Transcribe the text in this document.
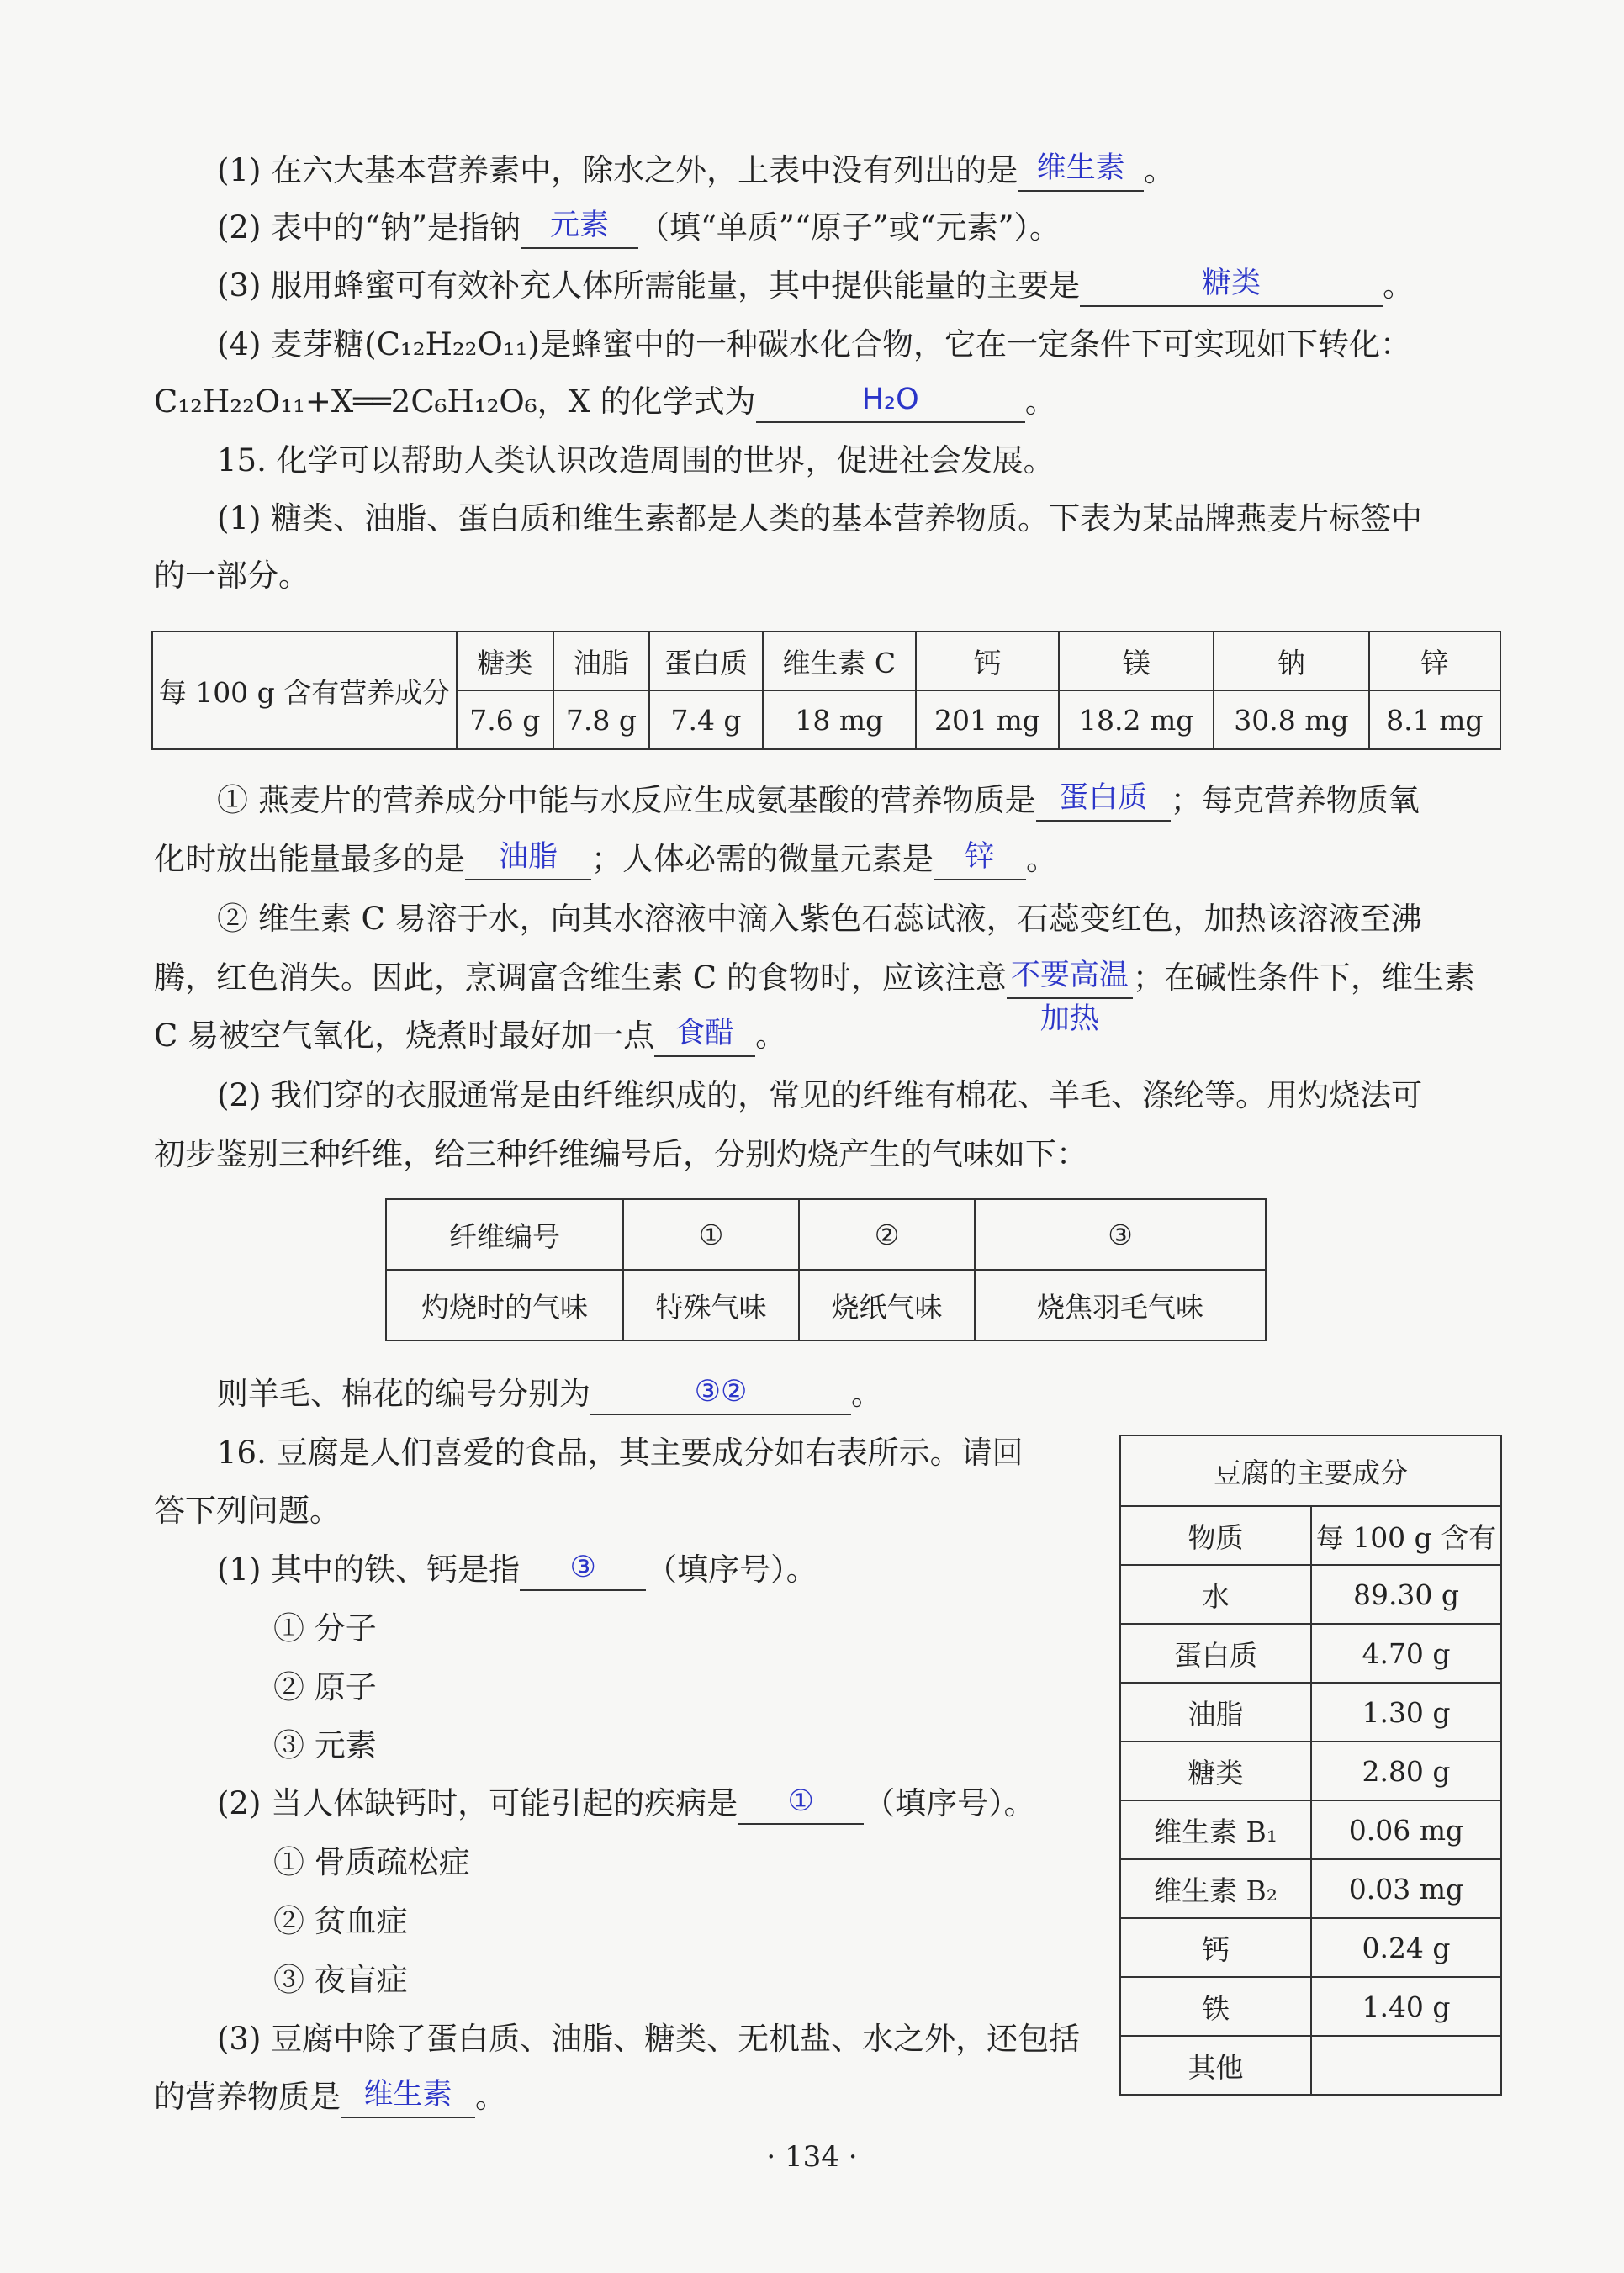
(1) 在六大基本营养素中，除水之外，上表中没有列出的是 维生素 。
(2) 表中的“钠”是指钠 元素 （填“单质”“原子”或“元素”）。
(3) 服用蜂蜜可有效补充人体所需能量，其中提供能量的主要是	糖类	。
(4) 麦芽糖(C₁₂H₂₂O₁₁)是蜂蜜中的一种碳水化合物，它在一定条件下可实现如下转化：
C₁₂H₂₂O₁₁+X══2C₆H₁₂O₆，X 的化学式为	H₂O	。
15. 化学可以帮助人类认识改造周围的世界，促进社会发展。
(1) 糖类、油脂、蛋白质和维生素都是人类的基本营养物质。下表为某品牌燕麦片标签中
的一部分。
每 100 g 含有营养成分	糖类	油脂	蛋白质	维生素 C	钙	镁	钠	锌
	7.6 g	7.8 g	7.4 g	18 mg	201 mg	18.2 mg	30.8 mg	8.1 mg
① 燕麦片的营养成分中能与水反应生成氨基酸的营养物质是 蛋白质 ；每克营养物质氧
化时放出能量最多的是	油脂	；人体必需的微量元素是	锌	。
② 维生素 C 易溶于水，向其水溶液中滴入紫色石蕊试液，石蕊变红色，加热该溶液至沸
腾，红色消失。因此，烹调富含维生素 C 的食物时，应该注意 不要高温
加热
；在碱性条件下，维生素
C 易被空气氧化，烧煮时最好加一点 食醋 。
(2) 我们穿的衣服通常是由纤维织成的，常见的纤维有棉花、羊毛、涤纶等。用灼烧法可
初步鉴别三种纤维，给三种纤维编号后，分别灼烧产生的气味如下：
纤维编号	①	②	③
灼烧时的气味	特殊气味	烧纸气味	烧焦羽毛气味
则羊毛、棉花的编号分别为	③②	。
16. 豆腐是人们喜爱的食品，其主要成分如右表所示。请回
答下列问题。
(1) 其中的铁、钙是指	③	（填序号）。
① 分子
② 原子
③ 元素
(2) 当人体缺钙时，可能引起的疾病是	①	（填序号）。
① 骨质疏松症
② 贫血症
③ 夜盲症
(3) 豆腐中除了蛋白质、油脂、糖类、无机盐、水之外，还包括
的营养物质是 维生素 。
豆腐的主要成分	
物质	每 100 g 含有
水	89.30 g
蛋白质	4.70 g
油脂	1.30 g
糖类	2.80 g
维生素 B₁	0.06 mg
维生素 B₂	0.03 mg
钙	0.24 g
铁	1.40 g
其他	
· 134 ·
